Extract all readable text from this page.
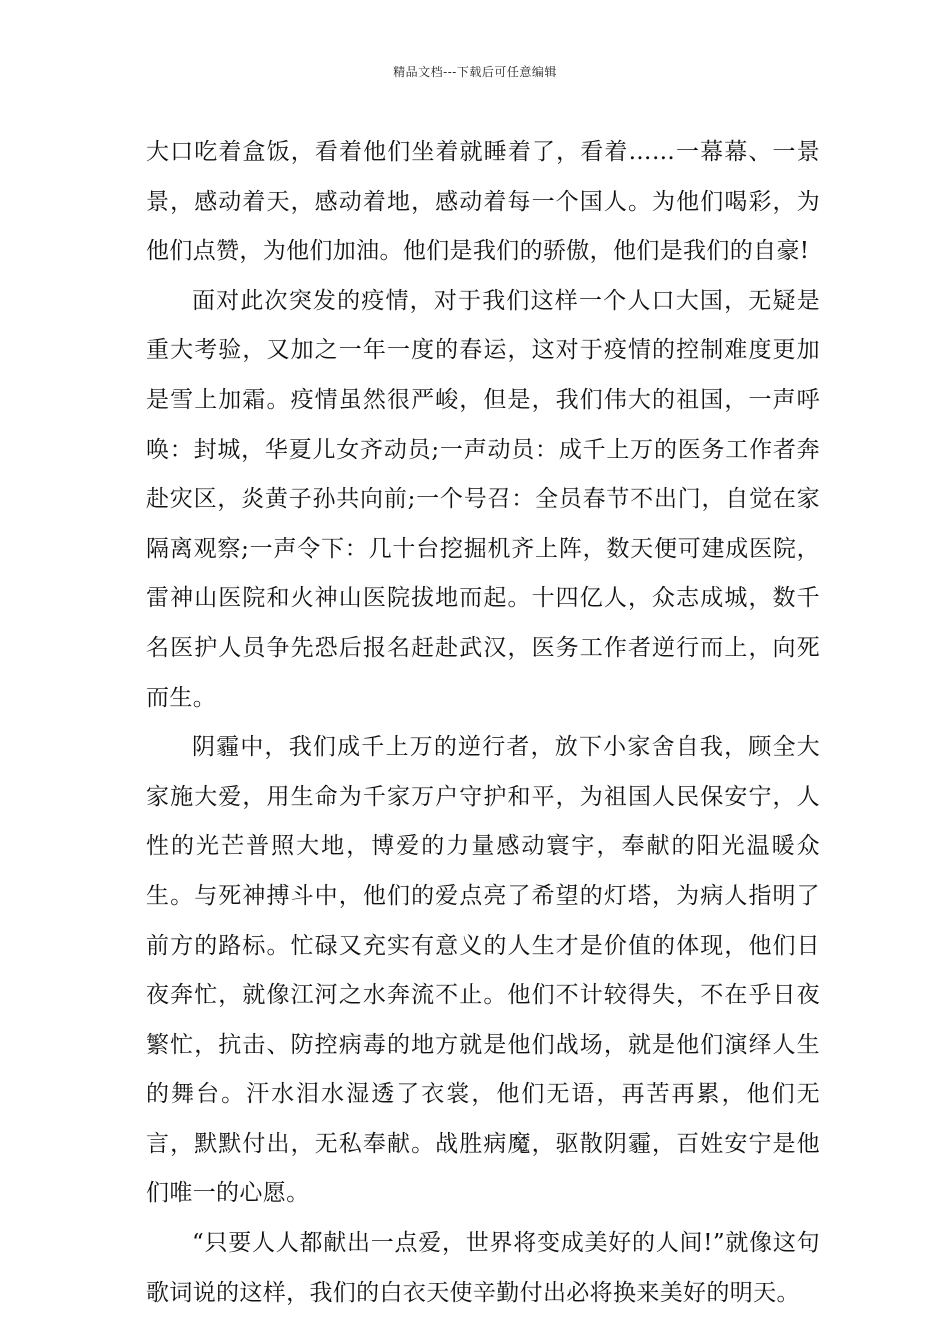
精品文档---下载后可任意编辑

大口吃着盒饭，看着他们坐着就睡着了，看着……一幕幕、一景景，感动着天，感动着地，感动着每一个国人。为他们喝彩，为他们点赞，为他们加油。他们是我们的骄傲，他们是我们的自豪!

面对此次突发的疫情，对于我们这样一个人口大国，无疑是重大考验，又加之一年一度的春运，这对于疫情的控制难度更加是雪上加霜。疫情虽然很严峻，但是，我们伟大的祖国，一声呼唤：封城，华夏儿女齐动员;一声动员：成千上万的医务工作者奔赴灾区，炎黄子孙共向前;一个号召：全员春节不出门，自觉在家隔离观察;一声令下：几十台挖掘机齐上阵，数天便可建成医院，雷神山医院和火神山医院拔地而起。十四亿人，众志成城，数千名医护人员争先恐后报名赶赴武汉，医务工作者逆行而上，向死而生。

阴霾中，我们成千上万的逆行者，放下小家舍自我，顾全大家施大爱，用生命为千家万户守护和平，为祖国人民保安宁，人性的光芒普照大地，博爱的力量感动寰宇，奉献的阳光温暖众生。与死神搏斗中，他们的爱点亮了希望的灯塔，为病人指明了前方的路标。忙碌又充实有意义的人生才是价值的体现，他们日夜奔忙，就像江河之水奔流不止。他们不计较得失，不在乎日夜繁忙，抗击、防控病毒的地方就是他们战场，就是他们演绎人生的舞台。汗水泪水湿透了衣裳，他们无语，再苦再累，他们无言，默默付出，无私奉献。战胜病魔，驱散阴霾，百姓安宁是他们唯一的心愿。

“只要人人都献出一点爱，世界将变成美好的人间!”就像这句歌词说的这样，我们的白衣天使辛勤付出必将换来美好的明天。
